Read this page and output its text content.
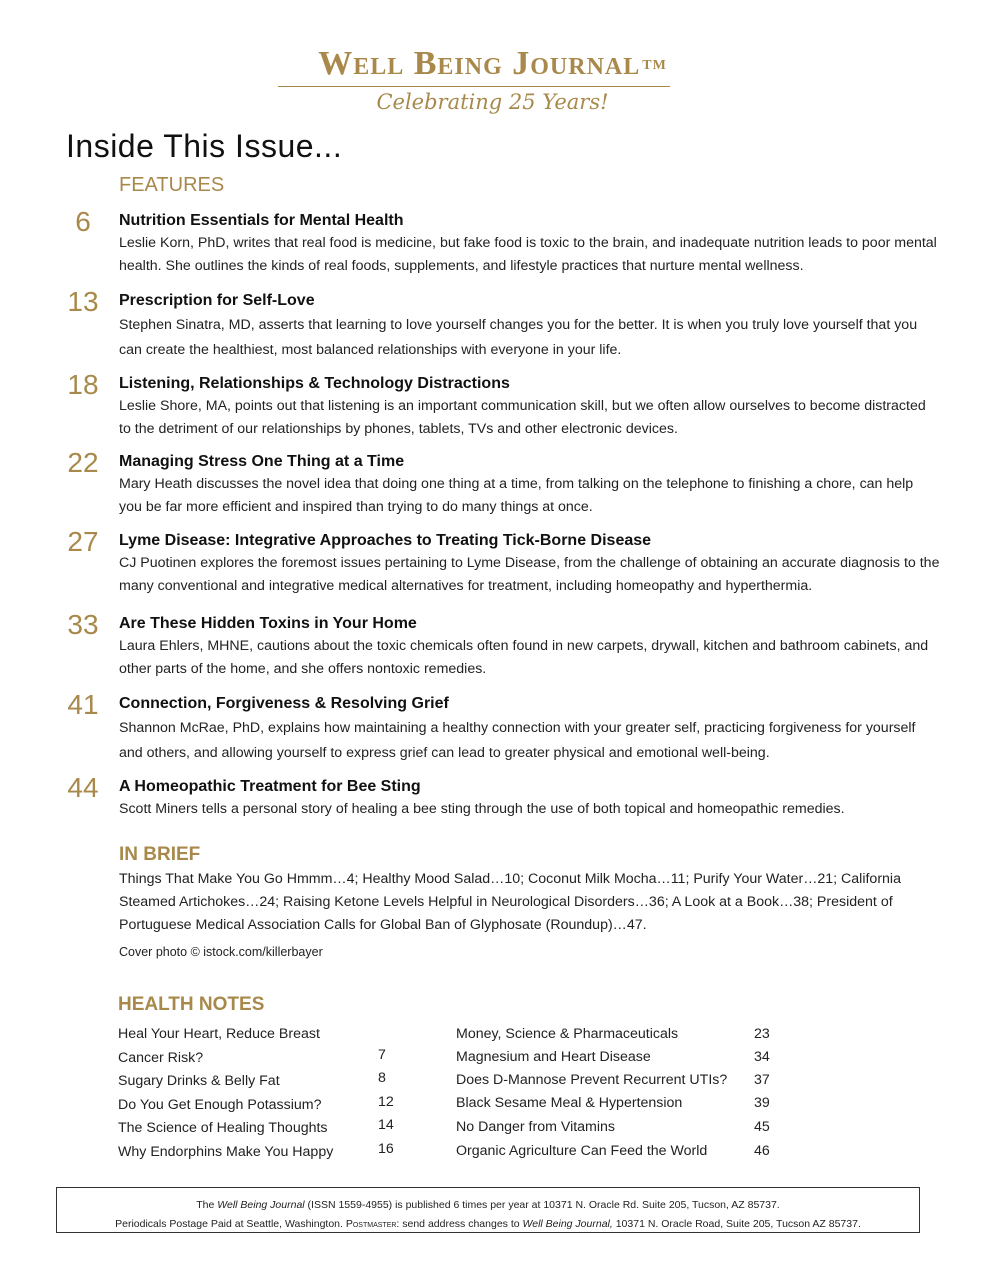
Well Being Journal ™
Celebrating 25 Years!
Inside This Issue...
FEATURES
6	Nutrition Essentials for Mental Health
Leslie Korn, PhD, writes that real food is medicine, but fake food is toxic to the brain, and inadequate nutrition leads to poor mental health. She outlines the kinds of real foods, supplements, and lifestyle practices that nurture mental wellness.
13	Prescription for Self-Love
Stephen Sinatra, MD, asserts that learning to love yourself changes you for the better. It is when you truly love yourself that you can create the healthiest, most balanced relationships with everyone in your life.
18	Listening, Relationships & Technology Distractions
Leslie Shore, MA, points out that listening is an important communication skill, but we often allow ourselves to become distracted to the detriment of our relationships by phones, tablets, TVs and other electronic devices.
22	Managing Stress One Thing at a Time
Mary Heath discusses the novel idea that doing one thing at a time, from talking on the telephone to finishing a chore, can help you be far more efficient and inspired than trying to do many things at once.
27	Lyme Disease: Integrative Approaches to Treating Tick-Borne Disease
CJ Puotinen explores the foremost issues pertaining to Lyme Disease, from the challenge of obtaining an accurate diagnosis to the many conventional and integrative medical alternatives for treatment, including homeopathy and hyperthermia.
33	Are These Hidden Toxins in Your Home
Laura Ehlers, MHNE, cautions about the toxic chemicals often found in new carpets, drywall, kitchen and bathroom cabinets, and other parts of the home, and she offers nontoxic remedies.
41	Connection, Forgiveness & Resolving Grief
Shannon McRae, PhD, explains how maintaining a healthy connection with your greater self, practicing forgiveness for yourself and others, and allowing yourself to express grief can lead to greater physical and emotional well-being.
44	A Homeopathic Treatment for Bee Sting
Scott Miners tells a personal story of healing a bee sting through the use of both topical and homeopathic remedies.
IN BRIEF
Things That Make You Go Hmmm…4; Healthy Mood Salad…10; Coconut Milk Mocha…11; Purify Your Water…21; California Steamed Artichokes…24; Raising Ketone Levels Helpful in Neurological Disorders…36; A Look at a Book…38; President of Portuguese Medical Association Calls for Global Ban of Glyphosate (Roundup)…47.
Cover photo © istock.com/killerbayer
HEALTH NOTES
Heal Your Heart, Reduce Breast
Cancer Risk?	7
Sugary Drinks & Belly Fat	8
Do You Get Enough Potassium?	12
The Science of Healing Thoughts	14
Why Endorphins Make You Happy	16
Money, Science & Pharmaceuticals	23
Magnesium and Heart Disease	34
Does D-Mannose Prevent Recurrent UTIs? 37
Black Sesame Meal & Hypertension	39
No Danger from Vitamins	45
Organic Agriculture Can Feed the World	46
The Well Being Journal (ISSN 1559-4955) is published 6 times per year at 10371 N. Oracle Rd. Suite 205, Tucson, AZ 85737.
Periodicals Postage Paid at Seattle, Washington. Postmaster: send address changes to Well Being Journal, 10371 N. Oracle Road, Suite 205, Tucson AZ 85737.
